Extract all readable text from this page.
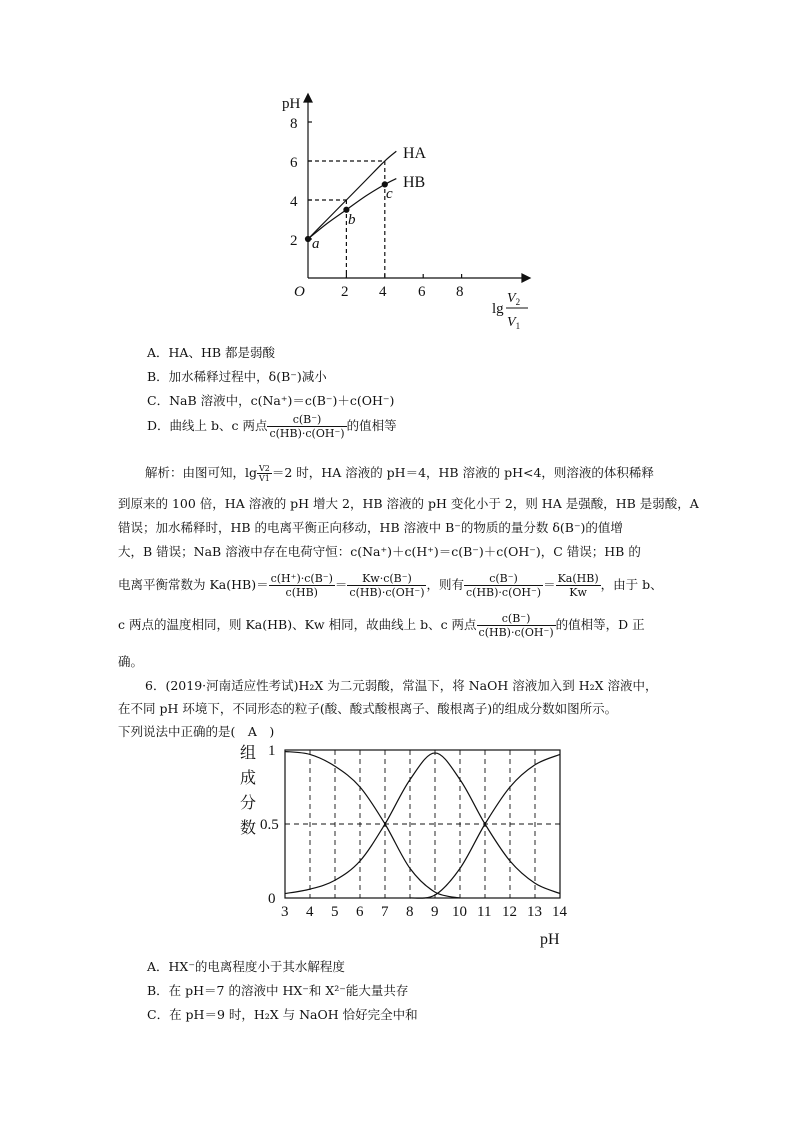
pH
O 2 4 6 8
8
6
4
2
HA
HB
a
b
c
lg
$V_2$
$V_1$
A．HA、HB 都是弱酸
B．加水稀释过程中，δ(B⁻)减小
C．NaB 溶液中，c(Na⁺)＝c(B⁻)＋c(OH⁻)
D．曲线上 b、c 两点 $\frac{c(B^-)}{c(HB)\cdot c(OH^-)}$ 的值相等
解析：由图可知，$\lg \frac{V2}{V1} =2$ 时，HA 溶液的 pH＝4，HB 溶液的 pH<4，则溶液的体积稀释
到原来的 100 倍，HA 溶液的 pH 增大 2，HB 溶液的 pH 变化小于 2，则 HA 是强酸，HB 是弱酸，A
错误；加水稀释时，HB 的电离平衡正向移动，HB 溶液中 B⁻的物质的量分数 δ(B⁻)的值增
大，B 错误；NaB 溶液中存在电荷守恒：c(Na⁺)＋c(H⁺)＝c(B⁻)＋c(OH⁻)，C 错误；HB 的
电离平衡常数为 $Ka(HB)= \frac{c(H^+)\cdot c(B^-)}{c(HB)} = \frac{Kw\cdot c(B^-)}{c(HB)\cdot c(OH^-)}$ ，则有 $\frac{c(B^-)}{c(HB)\cdot c(OH^-)} = \frac{Ka(HB)}{Kw}$ ，由于 b、
c 两点的温度相同，则 Ka(HB)、Kw 相同，故曲线上 b、c 两点 $\frac{c(B^-)}{c(HB)\cdot c(OH^-)}$ 的值相等，D 正
确。
6．(2019·河南适应性考试)H₂X 为二元弱酸，常温下，将 NaOH 溶液加入到 H₂X 溶液中，
在不同 pH 环境下，不同形态的粒子(酸、酸式酸根离子、酸根离子)的组成分数如图所示。
下列说法中正确的是(　A　)
组
成
分
数
3 4 5 6 7 8 9 10 11 12 13 14
0
0.5
1
pH
A．HX⁻的电离程度小于其水解程度
B．在 pH＝7 的溶液中 HX⁻和 X²⁻能大量共存
C．在 pH＝9 时，H₂X 与 NaOH 恰好完全中和
